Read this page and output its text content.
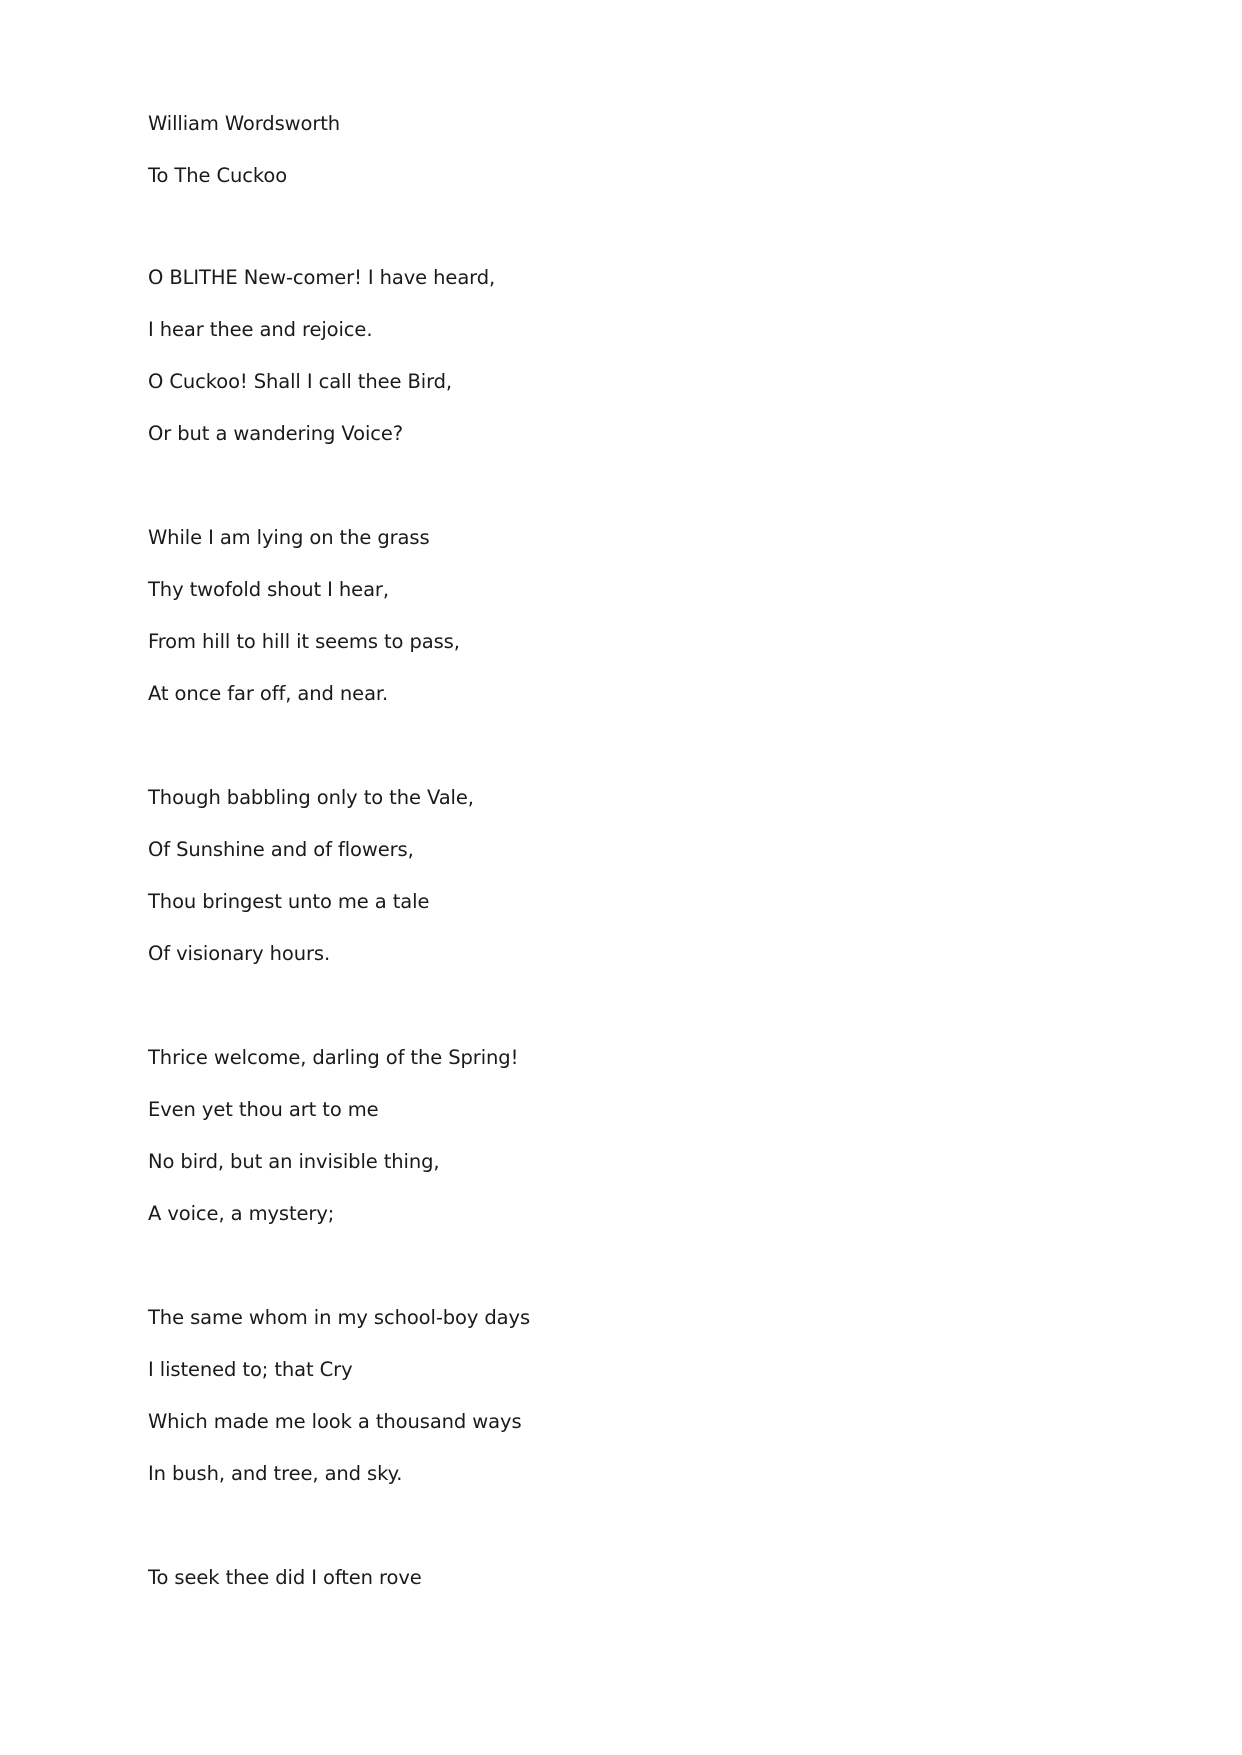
William Wordsworth

To The Cuckoo

O BLITHE New-comer! I have heard,

I hear thee and rejoice.

O Cuckoo! Shall I call thee Bird,

Or but a wandering Voice?

While I am lying on the grass

Thy twofold shout I hear,

From hill to hill it seems to pass,

At once far off, and near.

Though babbling only to the Vale,

Of Sunshine and of flowers,

Thou bringest unto me a tale

Of visionary hours.

Thrice welcome, darling of the Spring!

Even yet thou art to me

No bird, but an invisible thing,

A voice, a mystery;

The same whom in my school-boy days

I listened to; that Cry

Which made me look a thousand ways

In bush, and tree, and sky.

To seek thee did I often rove
